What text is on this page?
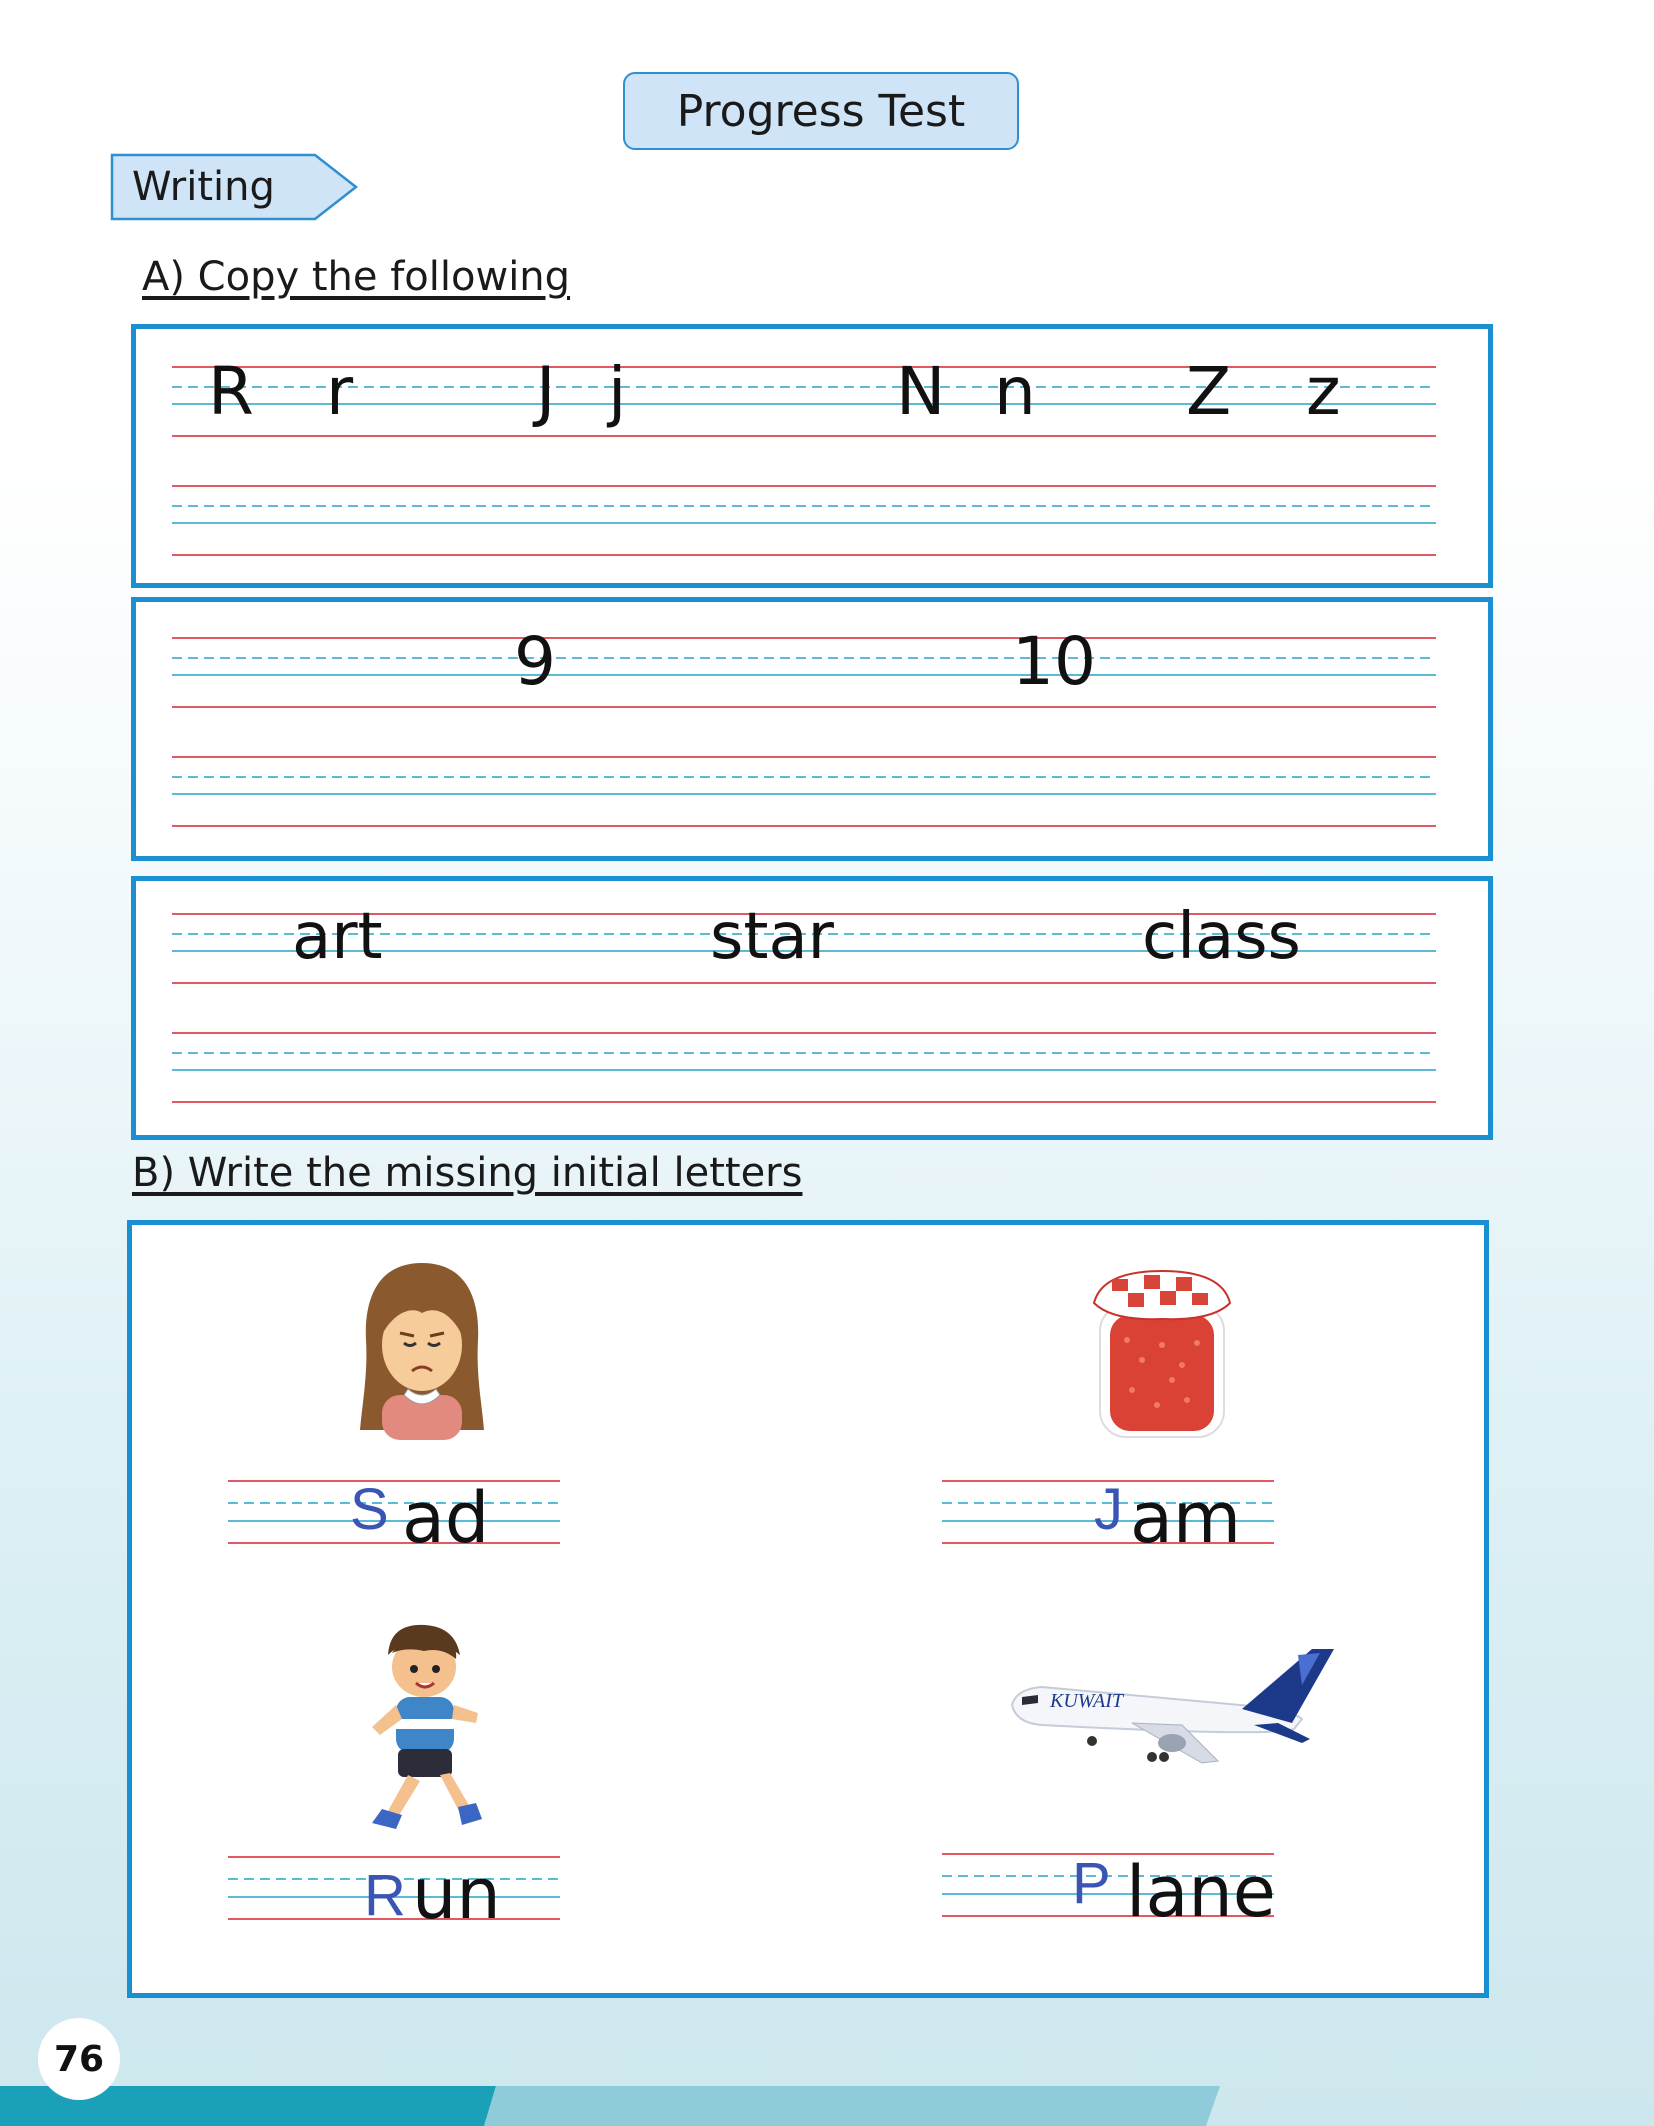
Progress Test
Writing
A) Copy the following
R r	J j	N n Z z
9	10
art	star	class
B) Write the missing initial letters
KUWAIT
S ad	J am
R un	P lane
76
